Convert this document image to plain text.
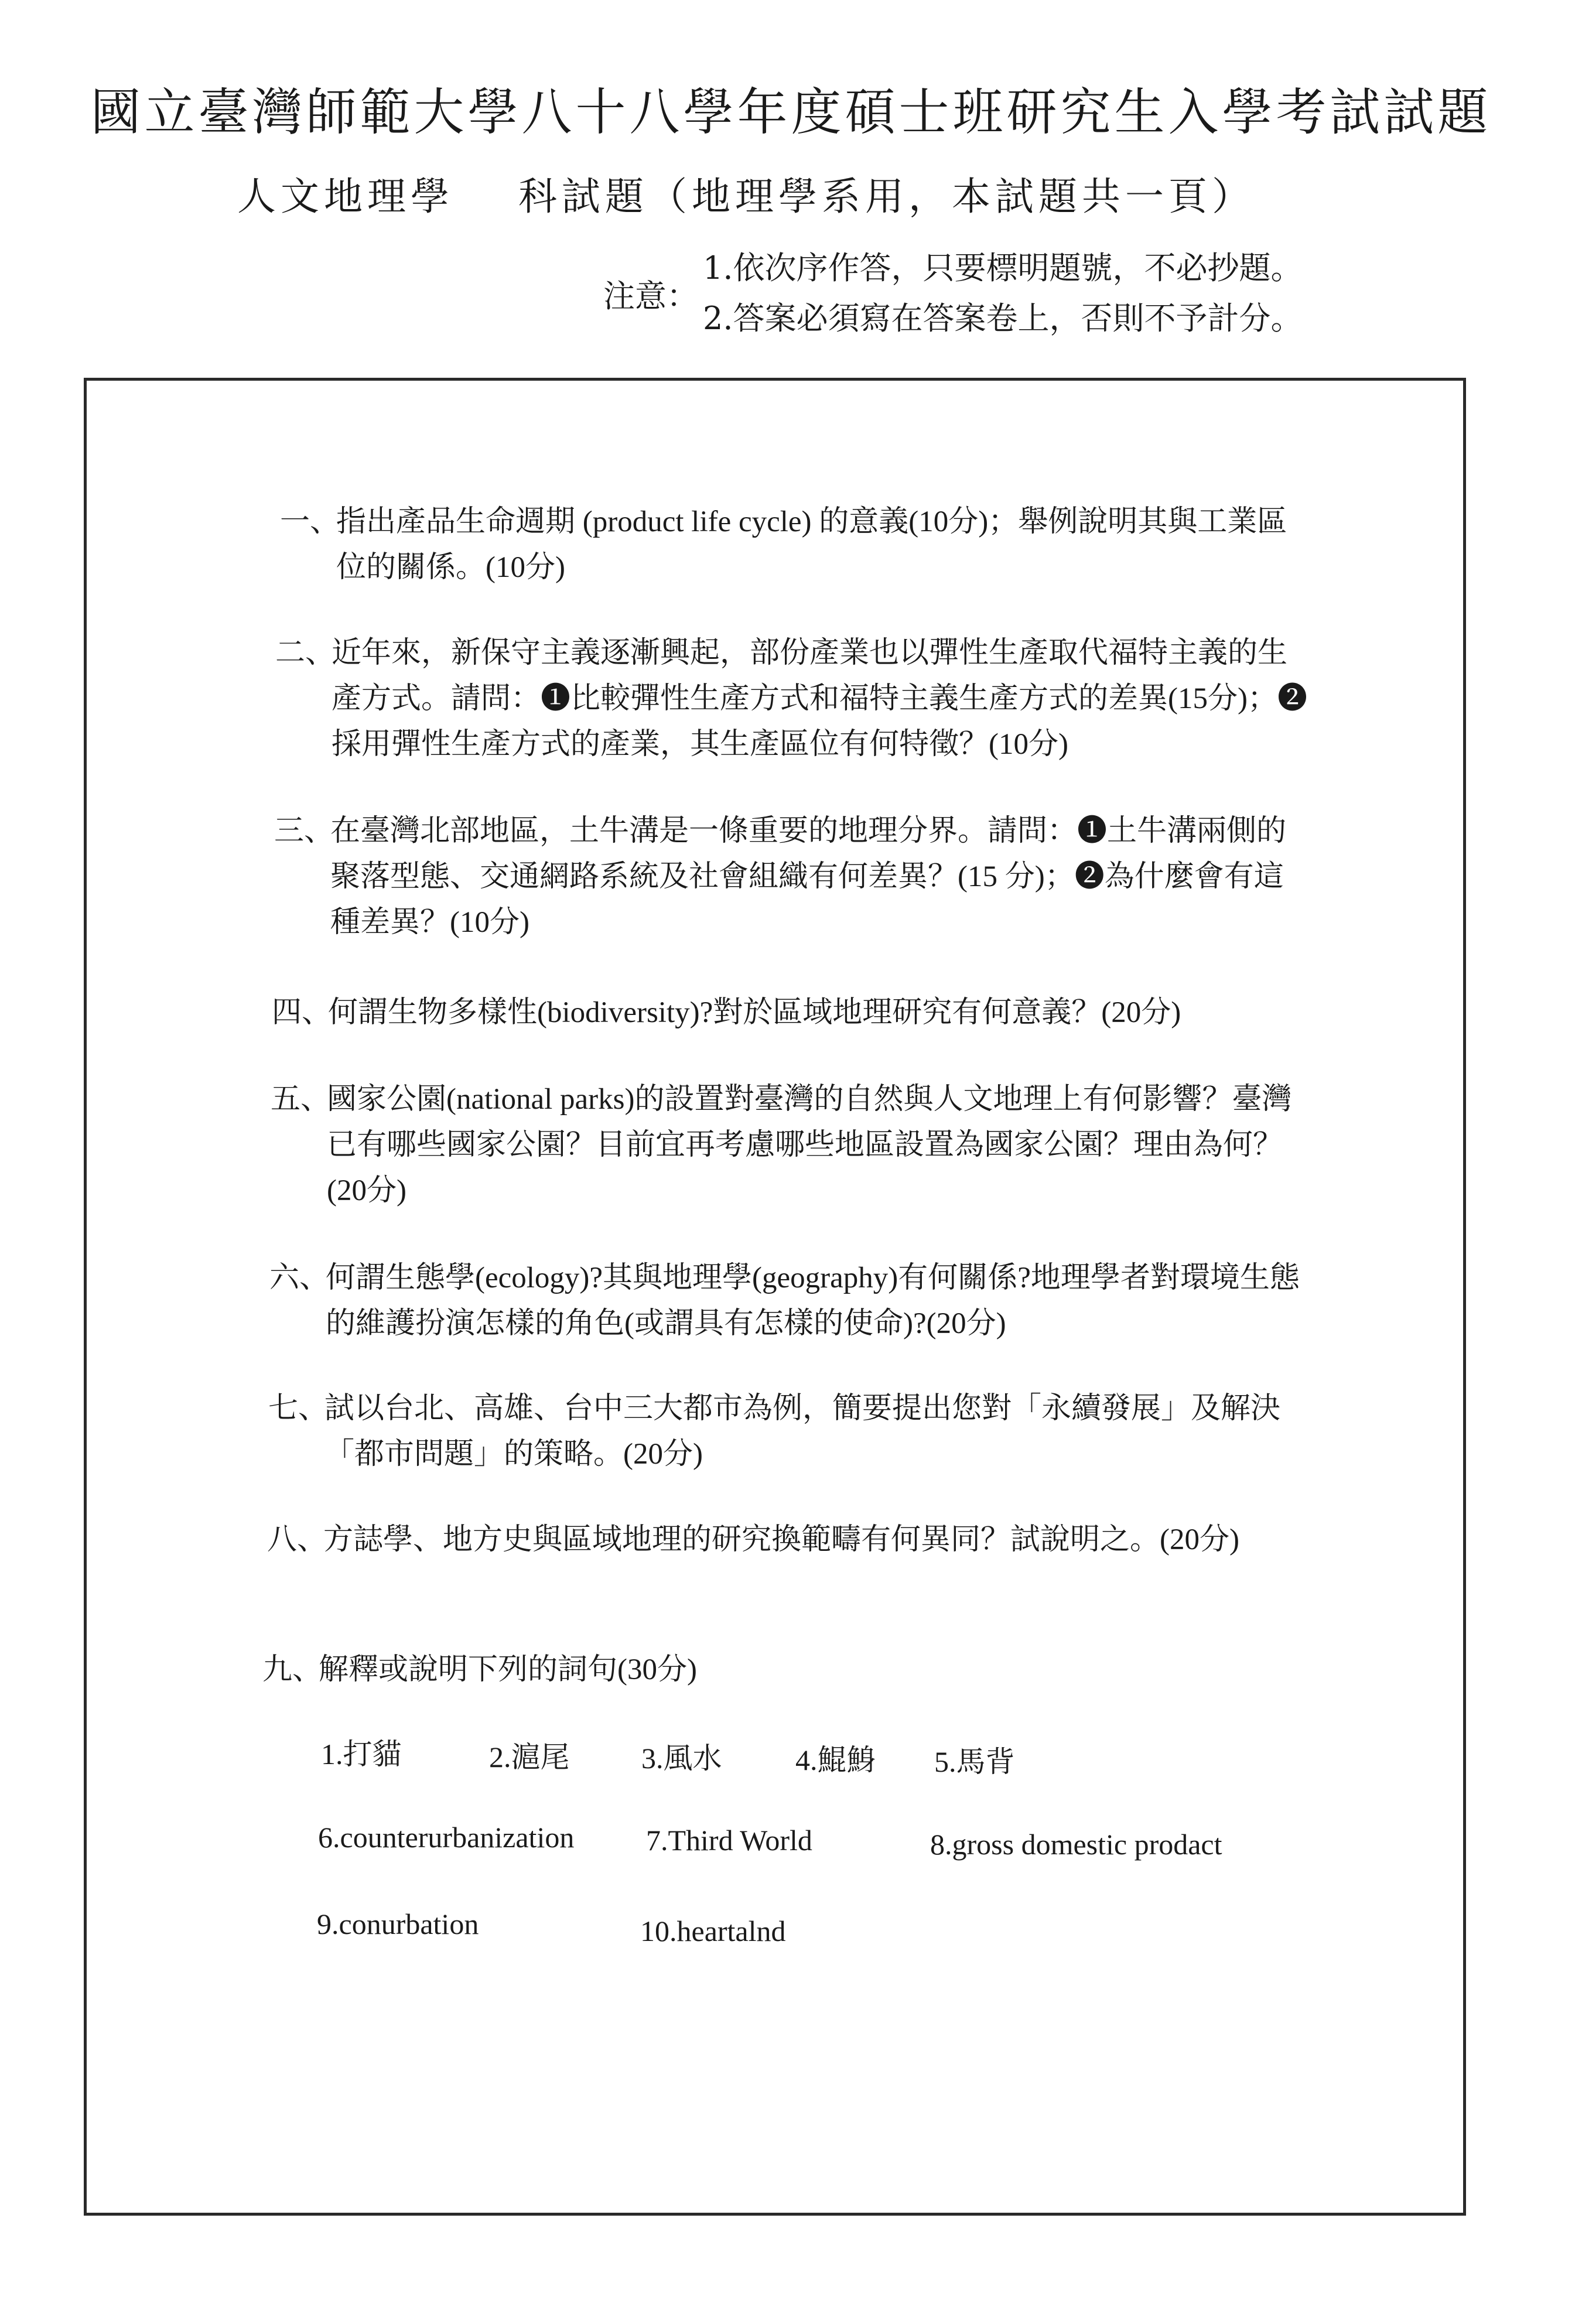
國立臺灣師範大學八十八學年度碩士班研究生入學考試試題
人文地理學 科試題（地理學系用，本試題共一頁）
注意：
1.依次序作答，只要標明題號，不必抄題。
2.答案必須寫在答案卷上，否則不予計分。
一、
指出產品生命週期 (product life cycle) 的意義(10分)；舉例說明其與工業區
位的關係。(10分)
二、
近年來，新保守主義逐漸興起，部份產業也以彈性生產取代福特主義的生
產方式。請問：❶比較彈性生產方式和福特主義生產方式的差異(15分)；❷
採用彈性生產方式的產業，其生產區位有何特徵？(10分)
三、
在臺灣北部地區，土牛溝是一條重要的地理分界。請問：❶土牛溝兩側的
聚落型態、交通網路系統及社會組織有何差異？(15 分)；❷為什麼會有這
種差異？(10分)
四、
何謂生物多樣性(biodiversity)?對於區域地理研究有何意義？(20分)
五、
國家公園(national parks)的設置對臺灣的自然與人文地理上有何影響？臺灣
已有哪些國家公園？目前宜再考慮哪些地區設置為國家公園？理由為何？
(20分)
六、
何謂生態學(ecology)?其與地理學(geography)有何關係?地理學者對環境生態
的維護扮演怎樣的角色(或謂具有怎樣的使命)?(20分)
七、
試以台北、高雄、台中三大都市為例，簡要提出您對「永續發展」及解決
「都市問題」的策略。(20分)
八、
方誌學、地方史與區域地理的研究換範疇有何異同？試說明之。(20分)
九、
解釋或說明下列的詞句(30分)
1.打貓	2.滬尾 3.風水	4.鯤鯓 5.馬背
6.counterurbanization 7.Third World	8.gross domestic prodact
9.conurbation	10.heartalnd
